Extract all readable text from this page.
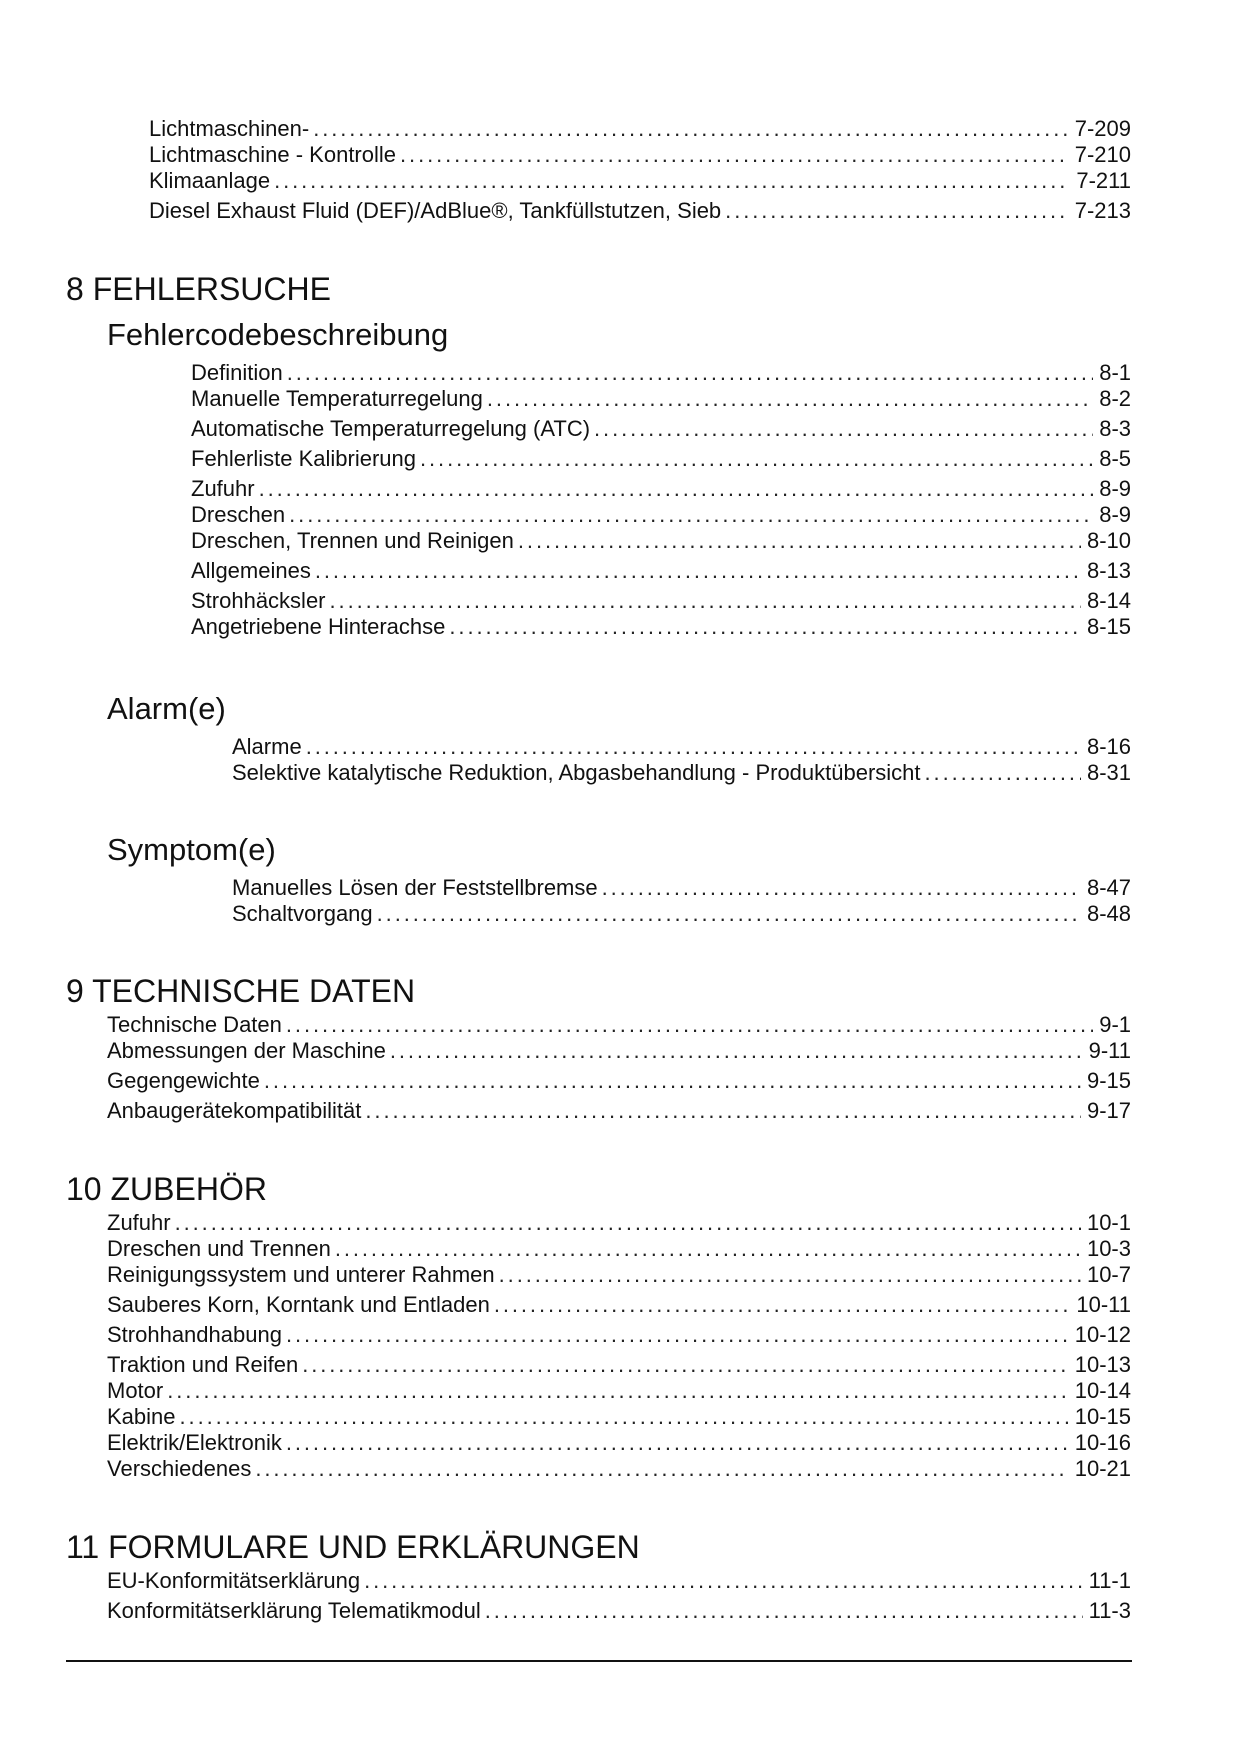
Lichtmaschinen- . . .	7-209
Lichtmaschine - Kontrolle . . .	7-210
Klimaanlage . . .	7-211
Diesel Exhaust Fluid (DEF)/AdBlue®, Tankfüllstutzen, Sieb . . .	7-213
8 FEHLERSUCHE
Fehlercodebeschreibung
Definition . . .	8-1
Manuelle Temperaturregelung . . .	8-2
Automatische Temperaturregelung (ATC) . . .	8-3
Fehlerliste Kalibrierung . . .	8-5
Zufuhr . . .	8-9
Dreschen . . .	8-9
Dreschen, Trennen und Reinigen . . .	8-10
Allgemeines . . .	8-13
Strohhäcksler . . .	8-14
Angetriebene Hinterachse . . .	8-15
Alarm(e)
Alarme . . .	8-16
Selektive katalytische Reduktion, Abgasbehandlung - Produktübersicht . . .	8-31
Symptom(e)
Manuelles Lösen der Feststellbremse . . .	8-47
Schaltvorgang . . .	8-48
9 TECHNISCHE DATEN
Technische Daten . . .	9-1
Abmessungen der Maschine . . .	9-11
Gegengewichte . . .	9-15
Anbaugerätekompatibilität . . .	9-17
10 ZUBEHÖR
Zufuhr . . .	10-1
Dreschen und Trennen . . .	10-3
Reinigungssystem und unterer Rahmen . . .	10-7
Sauberes Korn, Korntank und Entladen . . .	10-11
Strohhandhabung . . .	10-12
Traktion und Reifen . . .	10-13
Motor . . .	10-14
Kabine . . .	10-15
Elektrik/Elektronik . . .	10-16
Verschiedenes . . .	10-21
11 FORMULARE UND ERKLÄRUNGEN
EU-Konformitätserklärung . . .	11-1
Konformitätserklärung Telematikmodul . . .	11-3
